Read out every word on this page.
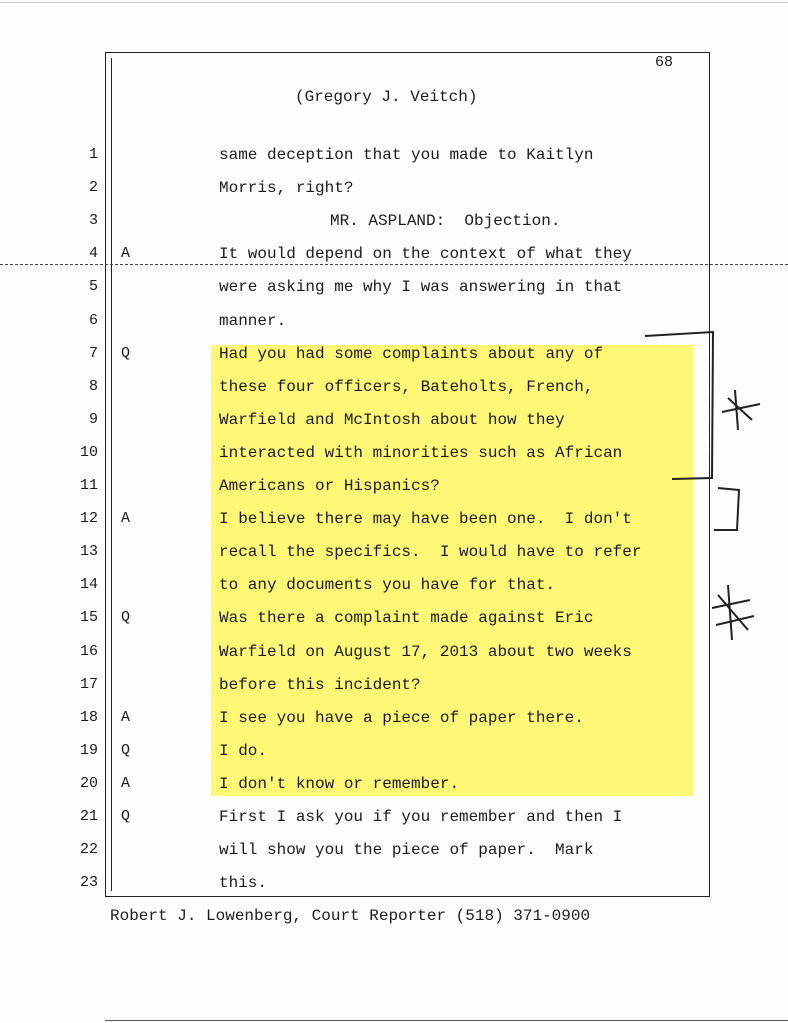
68
(Gregory J. Veitch)
1	same deception that you made to Kaitlyn
2	Morris, right?
3	MR. ASPLAND:  Objection.
4 A	It would depend on the context of what they
5	were asking me why I was answering in that
6	manner.
7 Q	Had you had some complaints about any of
8	these four officers, Bateholts, French,
9	Warfield and McIntosh about how they
10	interacted with minorities such as African
11	Americans or Hispanics?
12 A	I believe there may have been one.  I don't
13	recall the specifics.  I would have to refer
14	to any documents you have for that.
15 Q	Was there a complaint made against Eric
16	Warfield on August 17, 2013 about two weeks
17	before this incident?
18 A	I see you have a piece of paper there.
19 Q	I do.
20 A	I don't know or remember.
21 Q	First I ask you if you remember and then I
22	will show you the piece of paper.  Mark
23	this.
Robert J. Lowenberg, Court Reporter (518) 371-0900
